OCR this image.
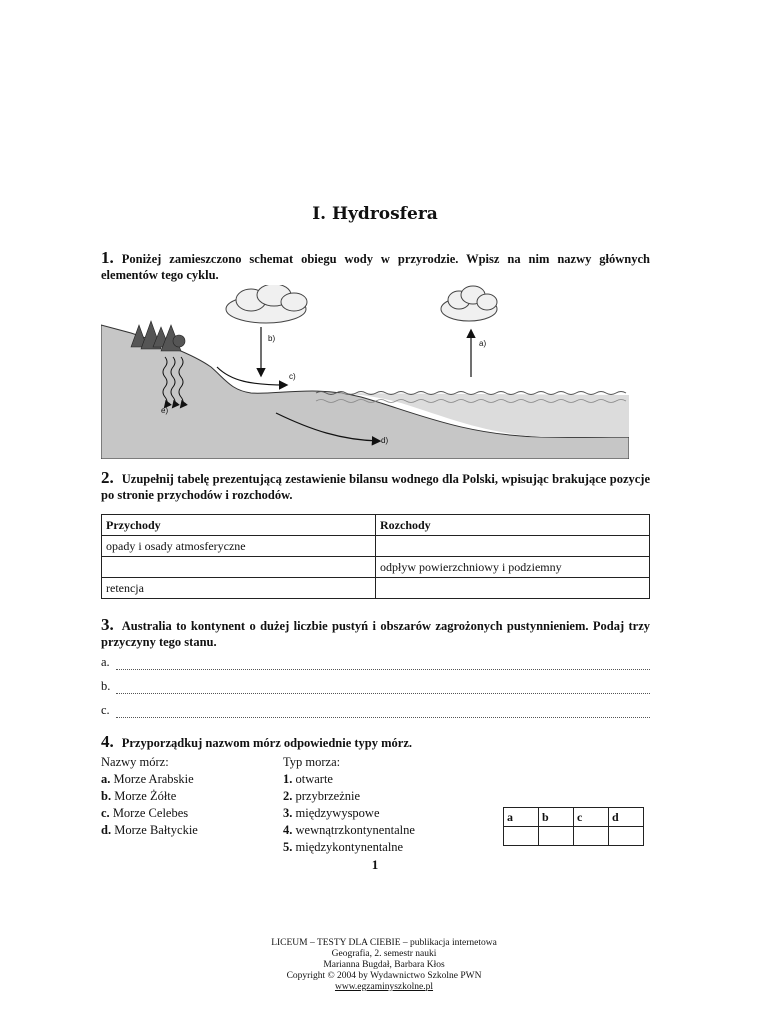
I. Hydrosfera
1. Poniżej zamieszczono schemat obiegu wody w przyrodzie. Wpisz na nim nazwy głównych elementów tego cyklu.
b)
a)
c)
d)
e)
2. Uzupełnij tabelę prezentującą zestawienie bilansu wodnego dla Polski, wpisując brakujące pozycje po stronie przychodów i rozchodów.
Przychody	Rozchody
opady i osady atmosferyczne	
	odpływ powierzchniowy i podziemny
retencja	
3. Australia to kontynent o dużej liczbie pustyń i obszarów zagrożonych pustynnieniem. Podaj trzy przyczyny tego stanu.
a.
b.
c.
4. Przyporządkuj nazwom mórz odpowiednie typy mórz.
Nazwy mórz:
a. Morze Arabskie
b. Morze Żółte
c. Morze Celebes
d. Morze Bałtyckie
Typ morza:
1. otwarte
2. przybrzeżnie
3. międzywyspowe
4. wewnątrzkontynentalne
5. międzykontynentalne
a	b	c	d

1
LICEUM – TESTY DLA CIEBIE – publikacja internetowa
Geografia, 2. semestr nauki
Marianna Bugdał, Barbara Kłos
Copyright © 2004 by Wydawnictwo Szkolne PWN
www.egzaminyszkolne.pl
